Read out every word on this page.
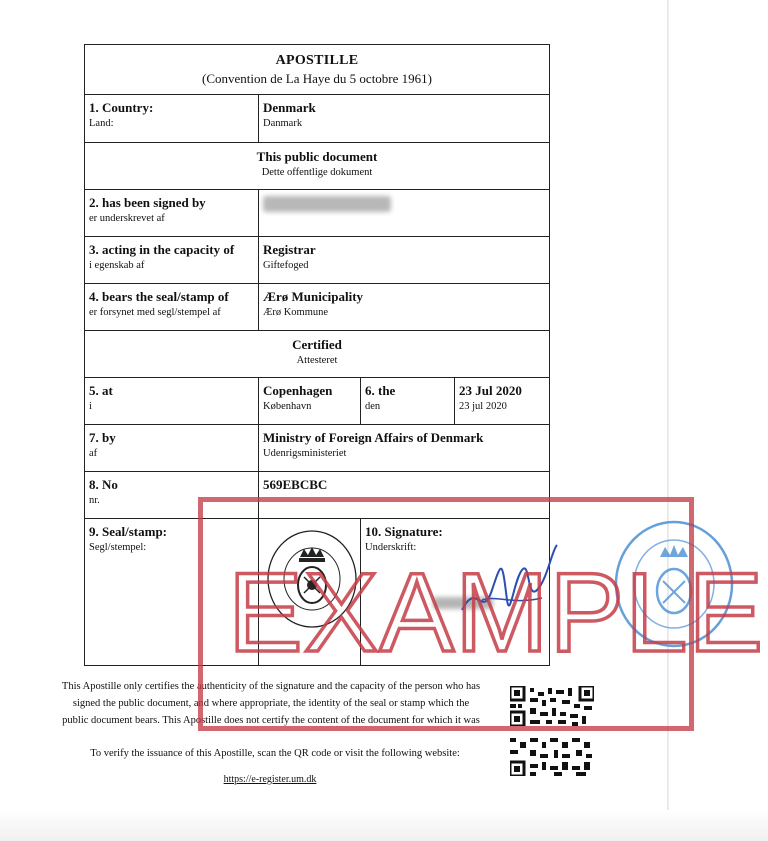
APOSTILLE
(Convention de La Haye du 5 octobre 1961)
1. Country:
Land:
Denmark
Danmark
This public document
Dette offentlige dokument
2. has been signed by
er underskrevet af
3. acting in the capacity of
i egenskab af
Registrar
Giftefoged
4. bears the seal/stamp of
er forsynet med segl/stempel af
Ærø Municipality
Ærø Kommune
Certified
Attesteret
5. at
i
Copenhagen
København
6. the
den
23 Jul 2020
23 jul 2020
7. by
af
Ministry of Foreign Affairs of Denmark
Udenrigsministeriet
8. No
nr.
569EBCBC
9. Seal/stamp:
Segl/stempel:
10. Signature:
Underskrift:
This Apostille only certifies the authenticity of the signature and the capacity of the person who has
signed the public document, and where appropriate, the identity of the seal or stamp which the
public document bears. This Apostille does not certify the content of the document for which it was
To verify the issuance of this Apostille, scan the QR code or visit the following website:
https://e-register.um.dk
EXAMPLE
